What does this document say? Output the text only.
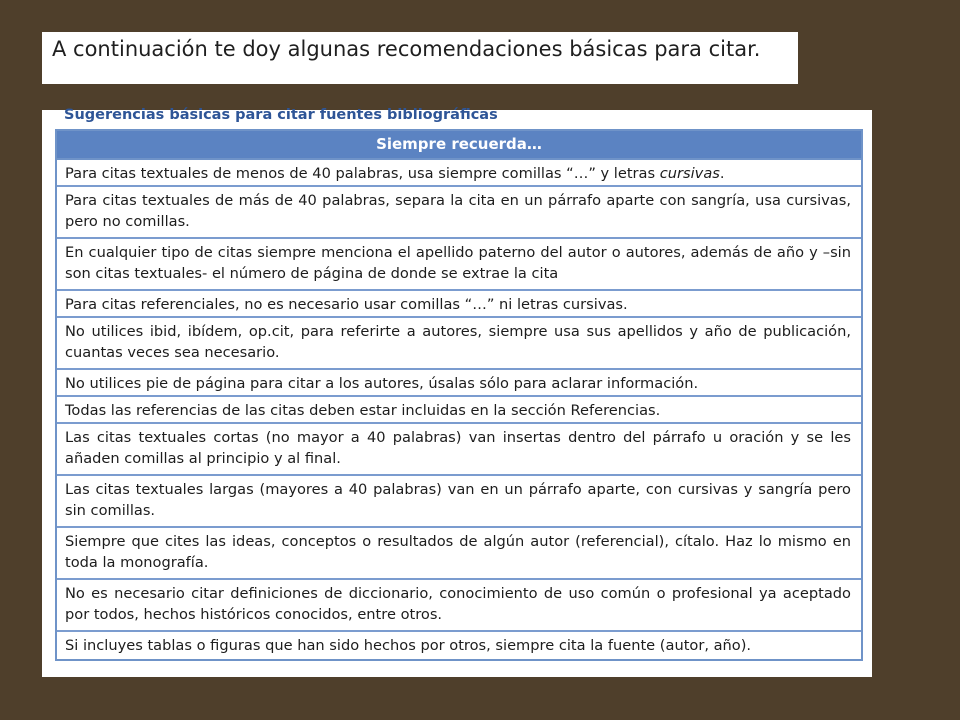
A continuación te doy algunas recomendaciones básicas para citar.
Sugerencias básicas para citar fuentes bibliográficas
Siempre recuerda…
Para citas textuales de menos de 40 palabras, usa siempre comillas “…” y letras cursivas.
Para citas textuales de más de 40 palabras, separa la cita en un párrafo aparte con sangría, usa cursivas, pero no comillas.
En cualquier tipo de citas siempre menciona el apellido paterno del autor o autores, además de año y –sin son citas textuales- el número de página de donde se extrae la cita
Para citas referenciales, no es necesario usar comillas “…” ni letras cursivas.
No utilices ibid, ibídem, op.cit, para referirte a autores, siempre usa sus apellidos y año de publicación, cuantas veces sea necesario.
No utilices pie de página para citar a los autores, úsalas sólo para aclarar información.
Todas las referencias de las citas deben estar incluidas en la sección Referencias.
Las citas textuales cortas (no mayor a 40 palabras) van insertas dentro del párrafo u oración y se les añaden comillas al principio y al final.
Las citas textuales largas (mayores a 40 palabras) van en un párrafo aparte, con cursivas y sangría pero sin comillas.
Siempre que cites las ideas, conceptos o resultados de algún autor (referencial), cítalo. Haz lo mismo en toda la monografía.
No es necesario citar definiciones de diccionario, conocimiento de uso común o profesional ya aceptado por todos, hechos históricos conocidos, entre otros.
Si incluyes tablas o figuras que han sido hechos por otros, siempre cita la fuente (autor, año).
